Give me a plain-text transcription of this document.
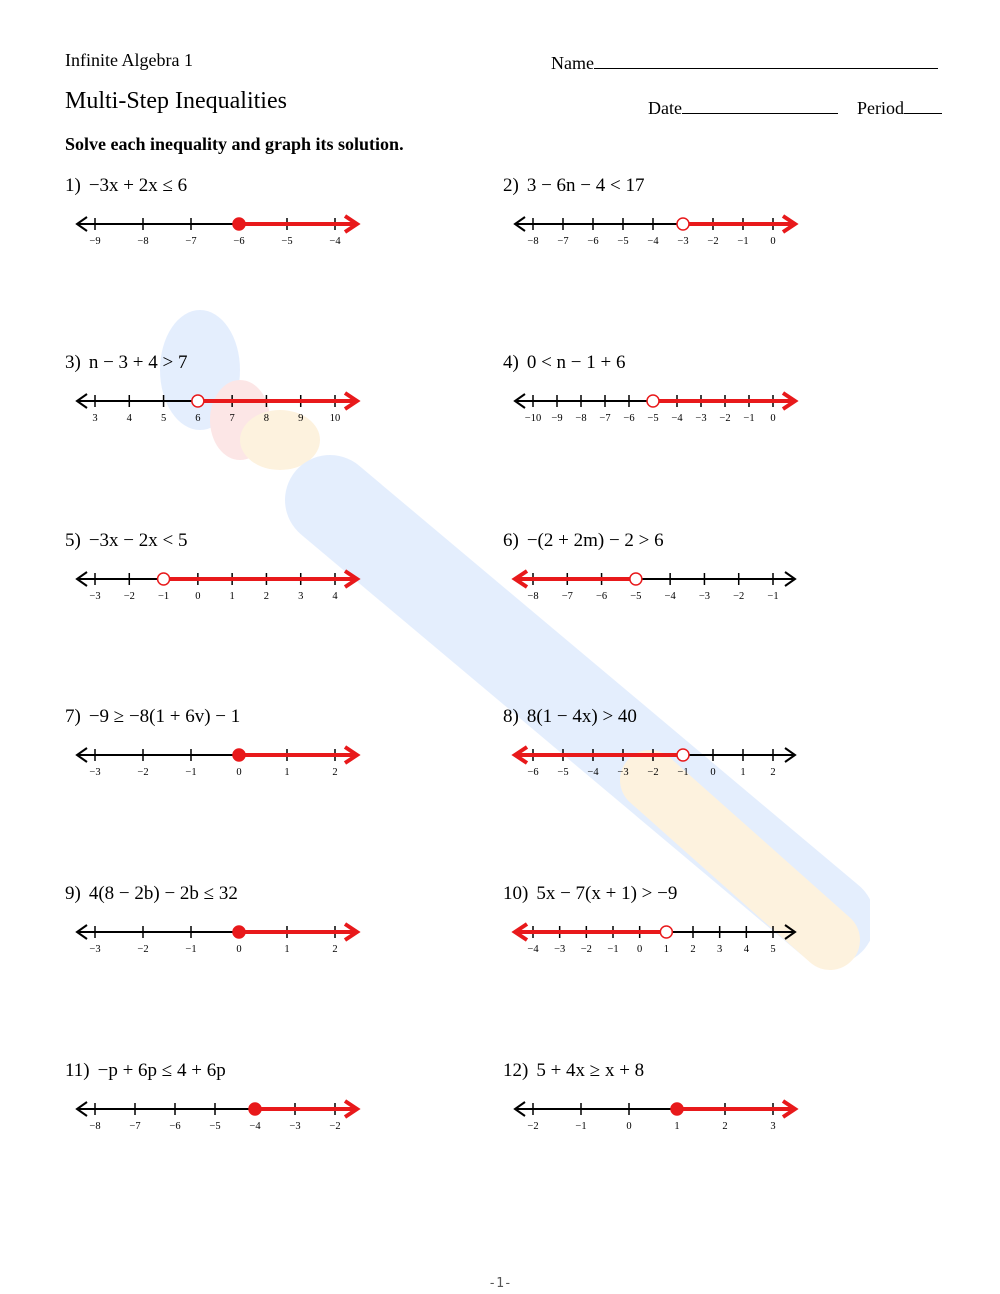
Infinite Algebra 1	Name
Multi-Step Inequalities	Date	Period
Solve each inequality and graph its solution.
1) −3x + 2x ≤ 6
−9	−8	−7	−6	−5	−4
2) 3 − 6n − 4 < 17
−8 −7 −6 −5 −4 −3 −2 −1 0
3) n − 3 + 4 > 7
3	4	5	6	7	8	9	10
4) 0 < n − 1 + 6
−10 −9 −8 −7 −6 −5 −4 −3 −2 −1 0
5) −3x − 2x < 5
−3 −2 −1 0	1	2	3	4
6) −(2 + 2m) − 2 > 6
−8 −7 −6 −5 −4 −3 −2 −1
7) −9 ≥ −8(1 + 6v) − 1
−3	−2	−1	0	1	2
8) 8(1 − 4x) > 40
−6 −5 −4 −3 −2 −1 0 1 2
9) 4(8 − 2b) − 2b ≤ 32
−3	−2	−1	0	1	2
10) 5x − 7(x + 1) > −9
−4 −3 −2 −1 0 1 2 3 4 5
11) −p + 6p ≤ 4 + 6p
−8	−7	−6	−5	−4	−3	−2
12) 5 + 4x ≥ x + 8
−2	−1	0	1	2	3
-1-
